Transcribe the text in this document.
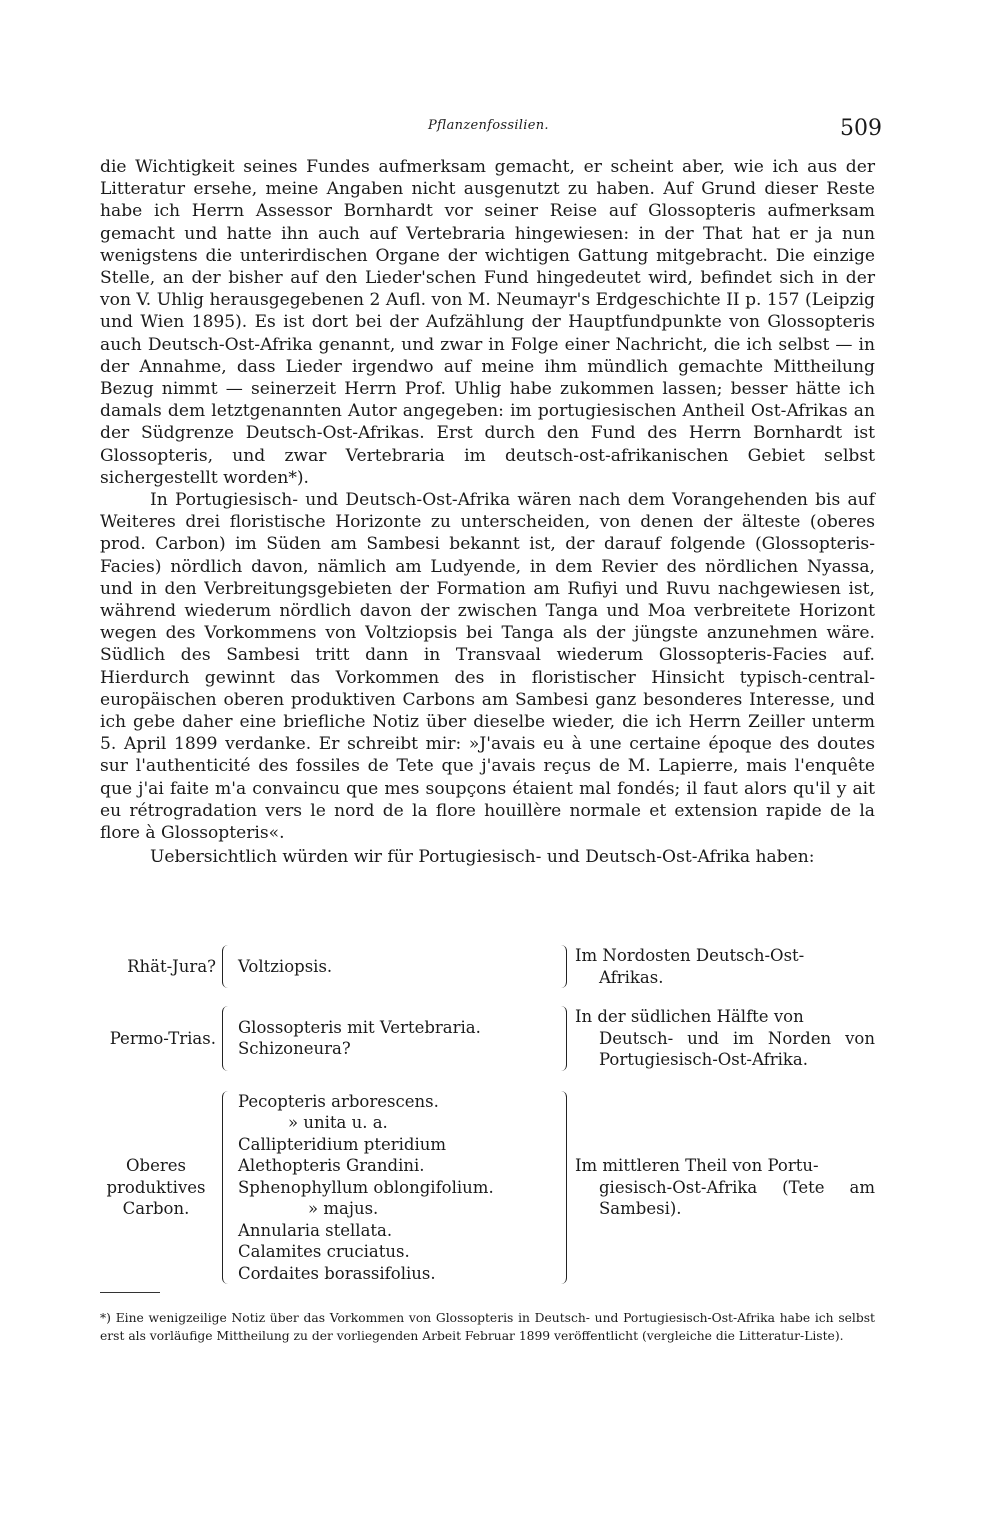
Pflanzenfossilien.	509

die Wichtigkeit seines Fundes aufmerksam gemacht, er scheint aber, wie ich aus der Litteratur ersehe, meine Angaben nicht ausgenutzt zu haben. Auf Grund dieser Reste habe ich Herrn Assessor Bornhardt vor seiner Reise auf Glossopteris aufmerksam gemacht und hatte ihn auch auf Vertebraria hingewiesen: in der That hat er ja nun wenigstens die unterirdischen Organe der wichtigen Gattung mitgebracht. Die einzige Stelle, an der bisher auf den Lieder'schen Fund hingedeutet wird, befindet sich in der von V. Uhlig herausgegebenen 2 Aufl. von M. Neumayr's Erdgeschichte II p. 157 (Leipzig und Wien 1895). Es ist dort bei der Aufzählung der Hauptfundpunkte von Glossopteris auch Deutsch-Ost-Afrika genannt, und zwar in Folge einer Nachricht, die ich selbst — in der Annahme, dass Lieder irgendwo auf meine ihm mündlich gemachte Mittheilung Bezug nimmt — seinerzeit Herrn Prof. Uhlig habe zukommen lassen; besser hätte ich damals dem letztgenannten Autor angegeben: im portugiesischen Antheil Ost-Afrikas an der Südgrenze Deutsch-Ost-Afrikas. Erst durch den Fund des Herrn Bornhardt ist Glossopteris, und zwar Vertebraria im deutsch-ost-afrikanischen Gebiet selbst sichergestellt worden*).

In Portugiesisch- und Deutsch-Ost-Afrika wären nach dem Vorangehenden bis auf Weiteres drei floristische Horizonte zu unterscheiden, von denen der älteste (oberes prod. Carbon) im Süden am Sambesi bekannt ist, der darauf folgende (Glossopteris-Facies) nördlich davon, nämlich am Ludyende, in dem Revier des nördlichen Nyassa, und in den Verbreitungsgebieten der Formation am Rufiyi und Ruvu nachgewiesen ist, während wiederum nördlich davon der zwischen Tanga und Moa verbreitete Horizont wegen des Vorkommens von Voltziopsis bei Tanga als der jüngste anzunehmen wäre. Südlich des Sambesi tritt dann in Transvaal wiederum Glossopteris-Facies auf. Hierdurch gewinnt das Vorkommen des in floristischer Hinsicht typisch-central-europäischen oberen produktiven Carbons am Sambesi ganz besonderes Interesse, und ich gebe daher eine briefliche Notiz über dieselbe wieder, die ich Herrn Zeiller unterm 5. April 1899 verdanke. Er schreibt mir: »J'avais eu à une certaine époque des doutes sur l'authenticité des fossiles de Tete que j'avais reçus de M. Lapierre, mais l'enquête que j'ai faite m'a convaincu que mes soupçons étaient mal fondés; il faut alors qu'il y ait eu rétrogradation vers le nord de la flore houillère normale et extension rapide de la flore à Glossopteris«.

Uebersichtlich würden wir für Portugiesisch- und Deutsch-Ost-Afrika haben:

Rhät-Jura?	Voltziopsis.
Im Nordosten Deutsch-Ost-
Afrikas.
Permo-Trias.
Glossopteris mit Vertebraria.
Schizoneura?
In der südlichen Hälfte von
Deutsch- und im Norden von Portugiesisch-Ost-Afrika.
Oberes produktives Carbon.
Pecopteris arborescens.
» unita u. a.
Callipteridium pteridium
Alethopteris Grandini.
Sphenophyllum oblongifolium.
» majus.
Annularia stellata.
Calamites cruciatus.
Cordaites borassifolius.
Im mittleren Theil von Portu-
giesisch-Ost-Afrika (Tete am Sambesi).
*) Eine wenigzeilige Notiz über das Vorkommen von Glossopteris in Deutsch- und Portugiesisch-Ost-Afrika habe ich selbst erst als vorläufige Mittheilung zu der vorliegenden Arbeit Februar 1899 veröffentlicht (vergleiche die Litteratur-Liste).
